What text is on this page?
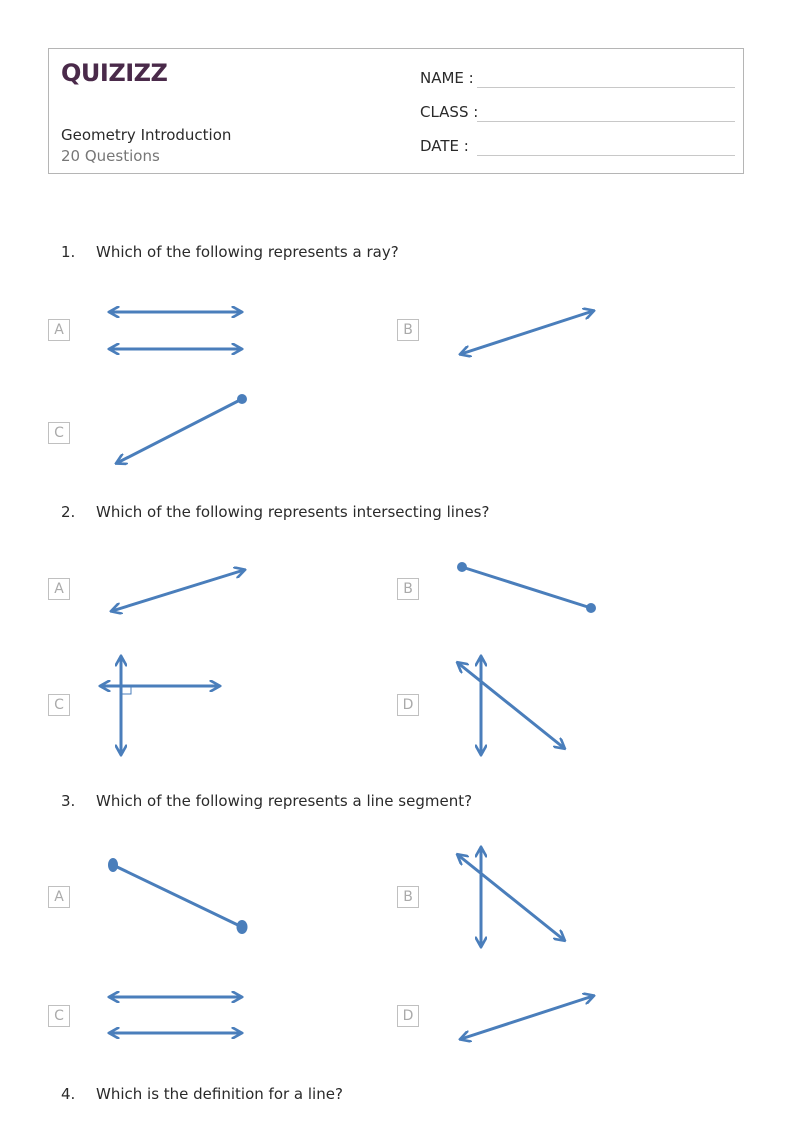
QUIZIZZ
Geometry Introduction
20 Questions
NAME :
CLASS :
DATE :
1. Which of the following represents a ray?
A	B
C
2. Which of the following represents intersecting lines?
A	B
C	D
3. Which of the following represents a line segment?
A	B
C	D
4. Which is the definition for a line?
